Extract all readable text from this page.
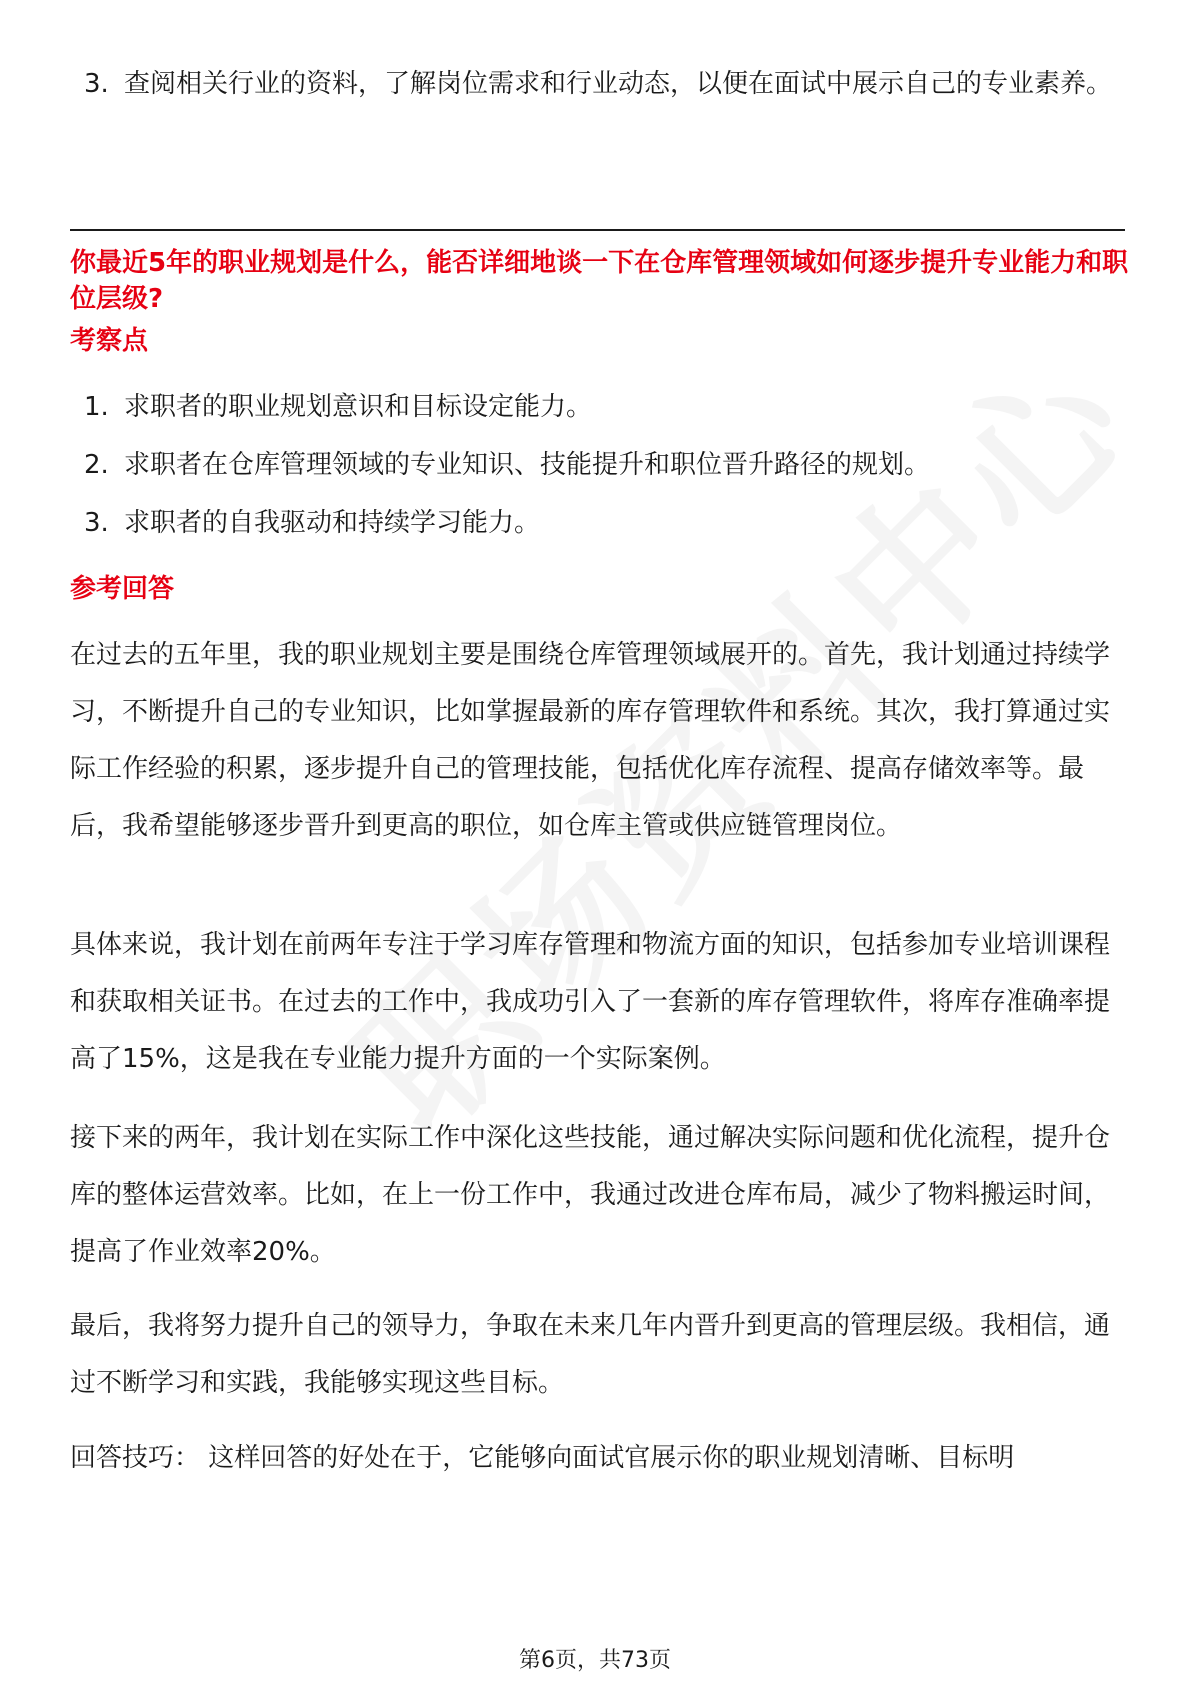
3. 查阅相关行业的资料，了解岗位需求和行业动态，以便在面试中展示自己的专业素养。
你最近5年的职业规划是什么，能否详细地谈一下在仓库管理领域如何逐步提升专业能力和职位层级?
考察点
1. 求职者的职业规划意识和目标设定能力。
2. 求职者在仓库管理领域的专业知识、技能提升和职位晋升路径的规划。
3. 求职者的自我驱动和持续学习能力。
参考回答

在过去的五年里，我的职业规划主要是围绕仓库管理领域展开的。首先，我计划通过持续学习，不断提升自己的专业知识，比如掌握最新的库存管理软件和系统。其次，我打算通过实际工作经验的积累，逐步提升自己的管理技能，包括优化库存流程、提高存储效率等。最后，我希望能够逐步晋升到更高的职位，如仓库主管或供应链管理岗位。

具体来说，我计划在前两年专注于学习库存管理和物流方面的知识，包括参加专业培训课程和获取相关证书。在过去的工作中，我成功引入了一套新的库存管理软件，将库存准确率提高了15%，这是我在专业能力提升方面的一个实际案例。

接下来的两年，我计划在实际工作中深化这些技能，通过解决实际问题和优化流程，提升仓库的整体运营效率。比如，在上一份工作中，我通过改进仓库布局，减少了物料搬运时间，提高了作业效率20%。

最后，我将努力提升自己的领导力，争取在未来几年内晋升到更高的管理层级。我相信，通过不断学习和实践，我能够实现这些目标。

回答技巧： 这样回答的好处在于，它能够向面试官展示你的职业规划清晰、目标明

第6页，共73页
